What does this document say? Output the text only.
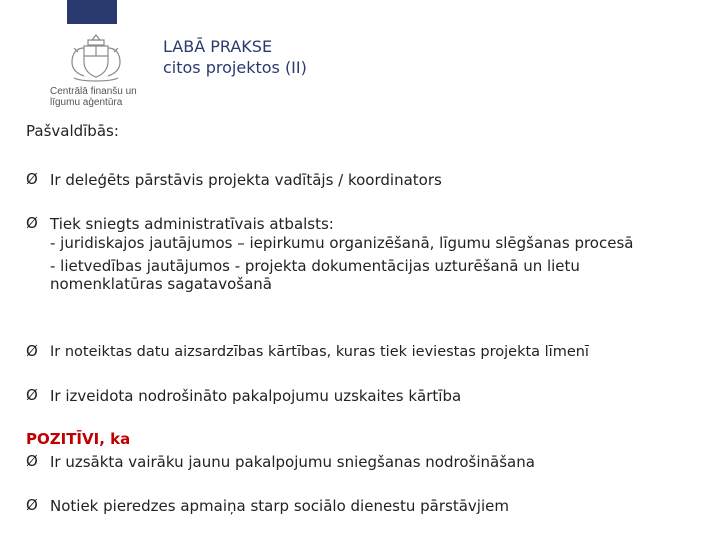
Centrālā finanšu un
līgumu aģentūra
LABĀ PRAKSE
citos projektos (II)
Pašvaldībās:
Ø Ir deleģēts pārstāvis projekta vadītājs / koordinators
Ø Tiek sniegts administratīvais atbalsts:
- juridiskajos jautājumos – iepirkumu organizēšanā, līgumu slēgšanas procesā
- lietvedības jautājumos - projekta dokumentācijas uzturēšanā un lietu nomenklatūras sagatavošanā
Ø Ir noteiktas datu aizsardzības kārtības, kuras tiek ieviestas projekta līmenī
Ø Ir izveidota nodrošināto pakalpojumu uzskaites kārtība
POZITĪVI, ka
Ø Ir uzsākta vairāku jaunu pakalpojumu sniegšanas nodrošināšana
Ø Notiek pieredzes apmaiņa starp sociālo dienestu pārstāvjiem
